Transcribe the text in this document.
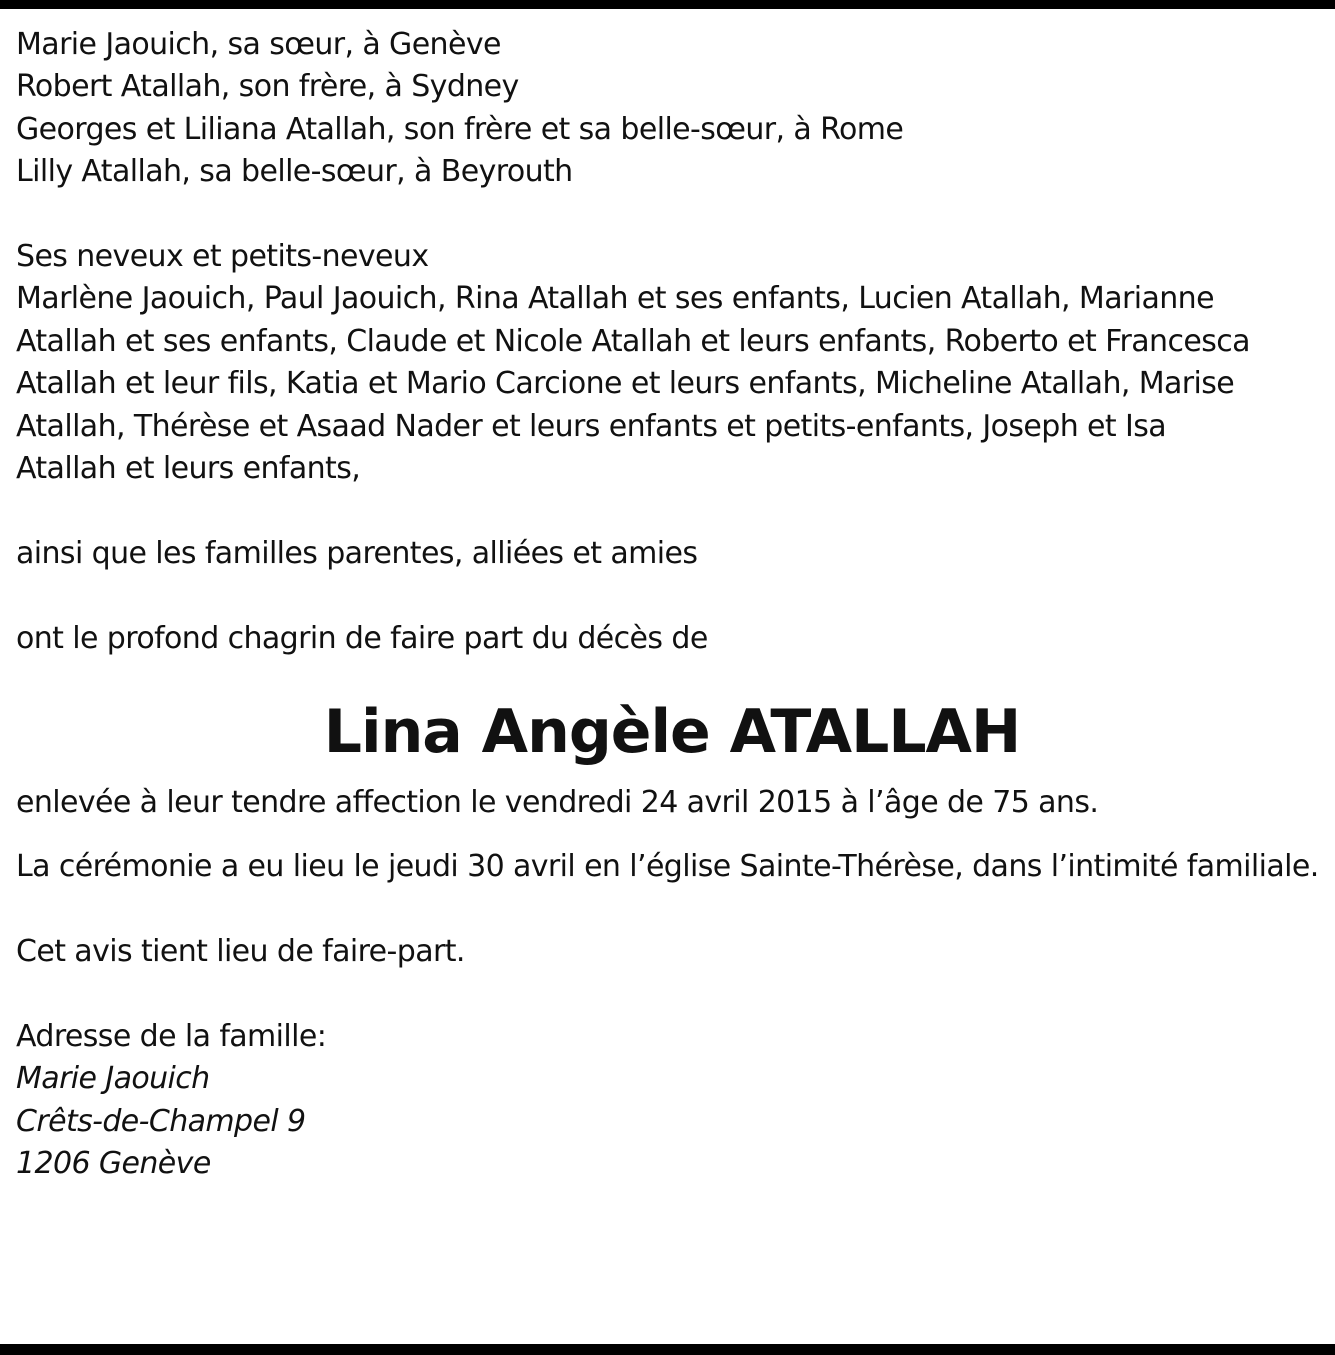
Marie Jaouich, sa sœur, à Genève
Robert Atallah, son frère, à Sydney
Georges et Liliana Atallah, son frère et sa belle-sœur, à Rome
Lilly Atallah, sa belle-sœur, à Beyrouth
Ses neveux et petits-neveux
Marlène Jaouich, Paul Jaouich, Rina Atallah et ses enfants, Lucien Atallah, Marianne
Atallah et ses enfants, Claude et Nicole Atallah et leurs enfants, Roberto et Francesca
Atallah et leur fils, Katia et Mario Carcione et leurs enfants, Micheline Atallah, Marise
Atallah, Thérèse et Asaad Nader et leurs enfants et petits-enfants, Joseph et Isa
Atallah et leurs enfants,
ainsi que les familles parentes, alliées et amies
ont le profond chagrin de faire part du décès de
Lina Angèle ATALLAH
enlevée à leur tendre affection le vendredi 24 avril 2015 à l’âge de 75 ans.
La cérémonie a eu lieu le jeudi 30 avril en l’église Sainte-Thérèse, dans l’intimité familiale.
Cet avis tient lieu de faire-part.
Adresse de la famille:
Marie Jaouich
Crêts-de-Champel 9
1206 Genève
